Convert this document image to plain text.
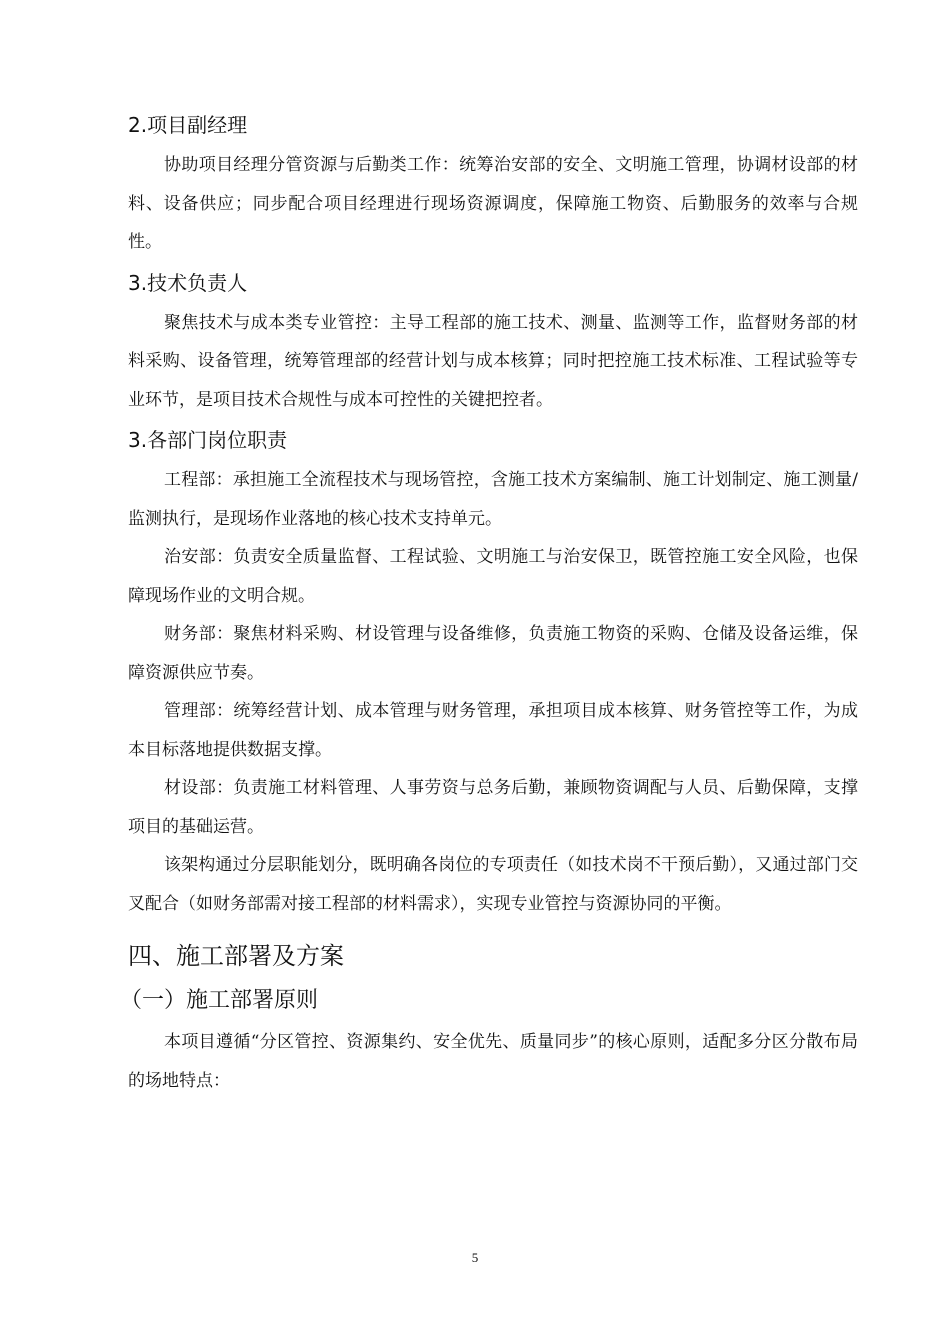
2.项目副经理

协助项目经理分管资源与后勤类工作：统筹治安部的安全、文明施工管理，协调材设部的材料、设备供应；同步配合项目经理进行现场资源调度，保障施工物资、后勤服务的效率与合规性。

3.技术负责人

聚焦技术与成本类专业管控：主导工程部的施工技术、测量、监测等工作，监督财务部的材料采购、设备管理，统筹管理部的经营计划与成本核算；同时把控施工技术标准、工程试验等专业环节，是项目技术合规性与成本可控性的关键把控者。

3.各部门岗位职责

工程部：承担施工全流程技术与现场管控，含施工技术方案编制、施工计划制定、施工测量/监测执行，是现场作业落地的核心技术支持单元。

治安部：负责安全质量监督、工程试验、文明施工与治安保卫，既管控施工安全风险，也保障现场作业的文明合规。

财务部：聚焦材料采购、材设管理与设备维修，负责施工物资的采购、仓储及设备运维，保障资源供应节奏。

管理部：统筹经营计划、成本管理与财务管理，承担项目成本核算、财务管控等工作，为成本目标落地提供数据支撑。

材设部：负责施工材料管理、人事劳资与总务后勤，兼顾物资调配与人员、后勤保障，支撑项目的基础运营。

该架构通过分层职能划分，既明确各岗位的专项责任（如技术岗不干预后勤），又通过部门交叉配合（如财务部需对接工程部的材料需求），实现专业管控与资源协同的平衡。

四、施工部署及方案
（一）施工部署原则

本项目遵循“分区管控、资源集约、安全优先、质量同步”的核心原则，适配多分区分散布局的场地特点：

5
